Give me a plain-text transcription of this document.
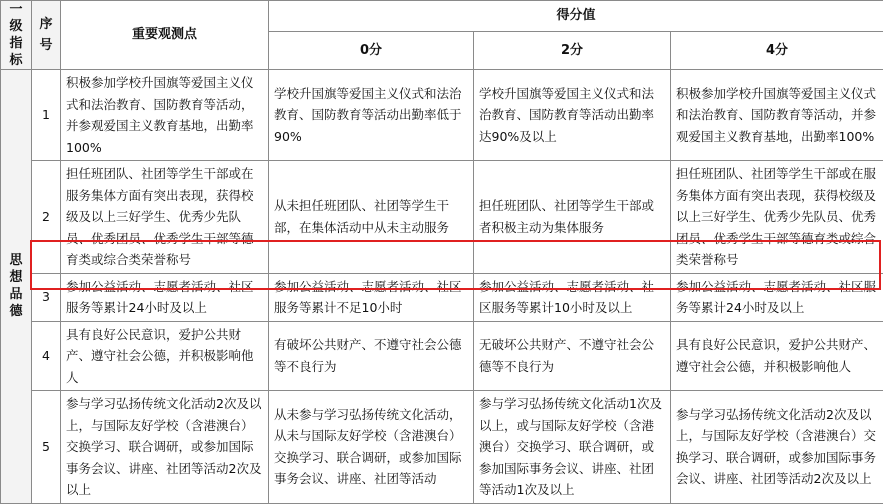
一级指标	序号	重要观测点	得分值		
			0分	2分	4分

思想品德	1	积极参加学校升国旗等爱国主义仪式和法治教育、国防教育等活动，并参观爱国主义教育基地，出勤率100%	学校升国旗等爱国主义仪式和法治教育、国防教育等活动出勤率低于90%	学校升国旗等爱国主义仪式和法治教育、国防教育等活动出勤率达90%及以上	积极参加学校升国旗等爱国主义仪式和法治教育、国防教育等活动，并参观爱国主义教育基地，出勤率100%
	2	担任班团队、社团等学生干部或在服务集体方面有突出表现，获得校级及以上三好学生、优秀少先队员、优秀团员、优秀学生干部等德育类或综合类荣誉称号	从未担任班团队、社团等学生干部，在集体活动中从未主动服务	担任班团队、社团等学生干部或者积极主动为集体服务	担任班团队、社团等学生干部或在服务集体方面有突出表现，获得校级及以上三好学生、优秀少先队员、优秀团员、优秀学生干部等德育类或综合类荣誉称号
	3	参加公益活动、志愿者活动、社区服务等累计24小时及以上	参加公益活动、志愿者活动、社区服务等累计不足10小时	参加公益活动、志愿者活动、社区服务等累计10小时及以上	参加公益活动、志愿者活动、社区服务等累计24小时及以上
	4	具有良好公民意识，爱护公共财产、遵守社会公德，并积极影响他人	有破坏公共财产、不遵守社会公德等不良行为	无破坏公共财产、不遵守社会公德等不良行为	具有良好公民意识，爱护公共财产、遵守社会公德，并积极影响他人
	5	参与学习弘扬传统文化活动2次及以上，与国际友好学校（含港澳台）交换学习、联合调研，或参加国际事务会议、讲座、社团等活动2次及以上	从未参与学习弘扬传统文化活动，从未与国际友好学校（含港澳台）交换学习、联合调研，或参加国际事务会议、讲座、社团等活动	参与学习弘扬传统文化活动1次及以上，或与国际友好学校（含港澳台）交换学习、联合调研，或参加国际事务会议、讲座、社团等活动1次及以上	参与学习弘扬传统文化活动2次及以上，与国际友好学校（含港澳台）交换学习、联合调研，或参加国际事务会议、讲座、社团等活动2次及以上
